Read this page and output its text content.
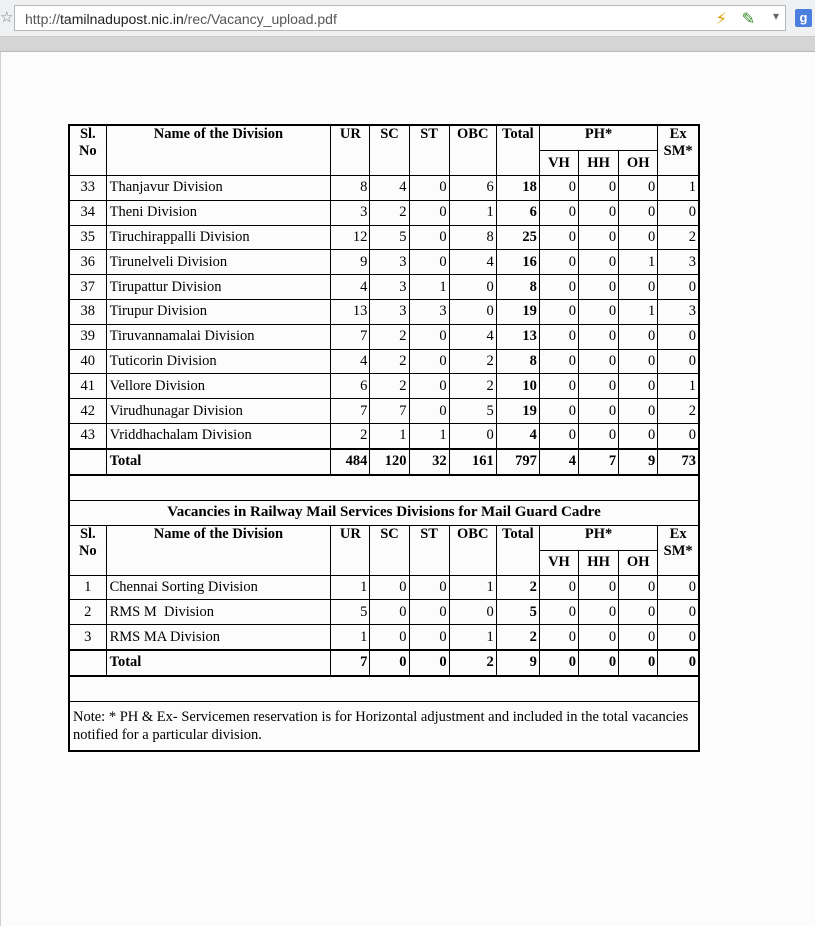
☆ http://tamilnadupost.nic.in/rec/Vacancy_upload.pdf	⚡ ✎ ▾	g
Sl.
No	Name of the Division	UR	SC	ST	OBC	Total	PH*			Ex
SM*
							VH	HH	OH	
33	Thanjavur Division	8	4	0	6	18	0	0	0	1
34	Theni Division	3	2	0	1	6	0	0	0	0
35	Tiruchirappalli Division	12	5	0	8	25	0	0	0	2
36	Tirunelveli Division	9	3	0	4	16	0	0	1	3
37	Tirupattur Division	4	3	1	0	8	0	0	0	0
38	Tirupur Division	13	3	3	0	19	0	0	1	3
39	Tiruvannamalai Division	7	2	0	4	13	0	0	0	0
40	Tuticorin Division	4	2	0	2	8	0	0	0	0
41	Vellore Division	6	2	0	2	10	0	0	0	1
42	Virudhunagar Division	7	7	0	5	19	0	0	0	2
43	Vriddhachalam Division	2	1	1	0	4	0	0	0	0
	Total	484	120	32	161	797	4	7	9	73

Vacancies in Railway Mail Services Divisions for Mail Guard Cadre										
Sl.
No	Name of the Division	UR	SC	ST	OBC	Total	PH*			Ex
SM*
							VH	HH	OH	
1	Chennai Sorting Division	1	0	0	1	2	0	0	0	0
2	RMS M  Division	5	0	0	0	5	0	0	0	0
3	RMS MA Division	1	0	0	1	2	0	0	0	0
	Total	7	0	0	2	9	0	0	0	0

Note: * PH & Ex- Servicemen reservation is for Horizontal adjustment and included in the total vacancies notified for a particular division.										
